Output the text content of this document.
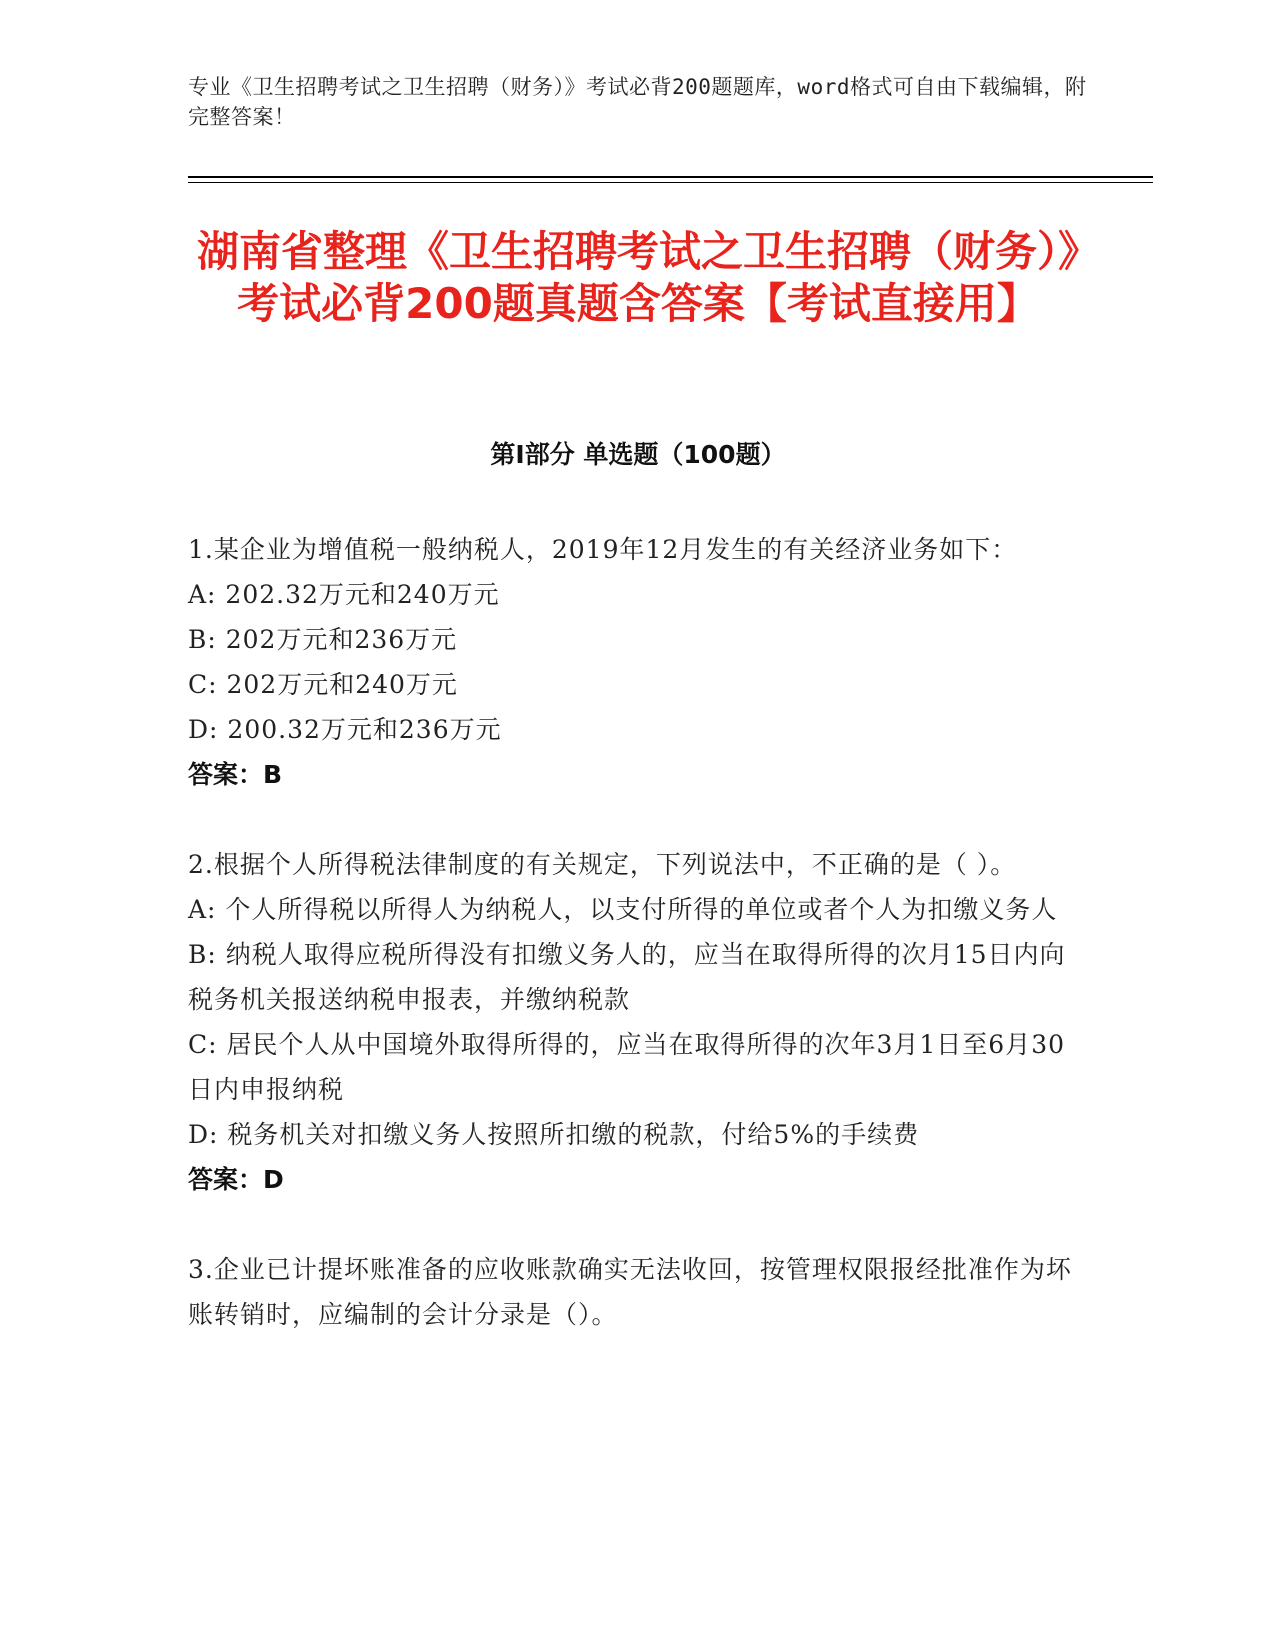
专业《卫生招聘考试之卫生招聘（财务）》考试必背200题题库，word格式可自由下载编辑，附完整答案！
湖南省整理《卫生招聘考试之卫生招聘（财务）》考试必背200题真题含答案【考试直接用】
第I部分 单选题（100题）

1.某企业为增值税一般纳税人，2019年12月发生的有关经济业务如下：

A: 202.32万元和240万元

B: 202万元和236万元

C: 202万元和240万元

D: 200.32万元和236万元

答案：B

2.根据个人所得税法律制度的有关规定，下列说法中，不正确的是（ ）。

A: 个人所得税以所得人为纳税人，以支付所得的单位或者个人为扣缴义务人

B: 纳税人取得应税所得没有扣缴义务人的，应当在取得所得的次月15日内向税务机关报送纳税申报表，并缴纳税款

C: 居民个人从中国境外取得所得的，应当在取得所得的次年3月1日至6月30日内申报纳税

D: 税务机关对扣缴义务人按照所扣缴的税款，付给5%的手续费

答案：D

3.企业已计提坏账准备的应收账款确实无法收回，按管理权限报经批准作为坏账转销时，应编制的会计分录是（）。
